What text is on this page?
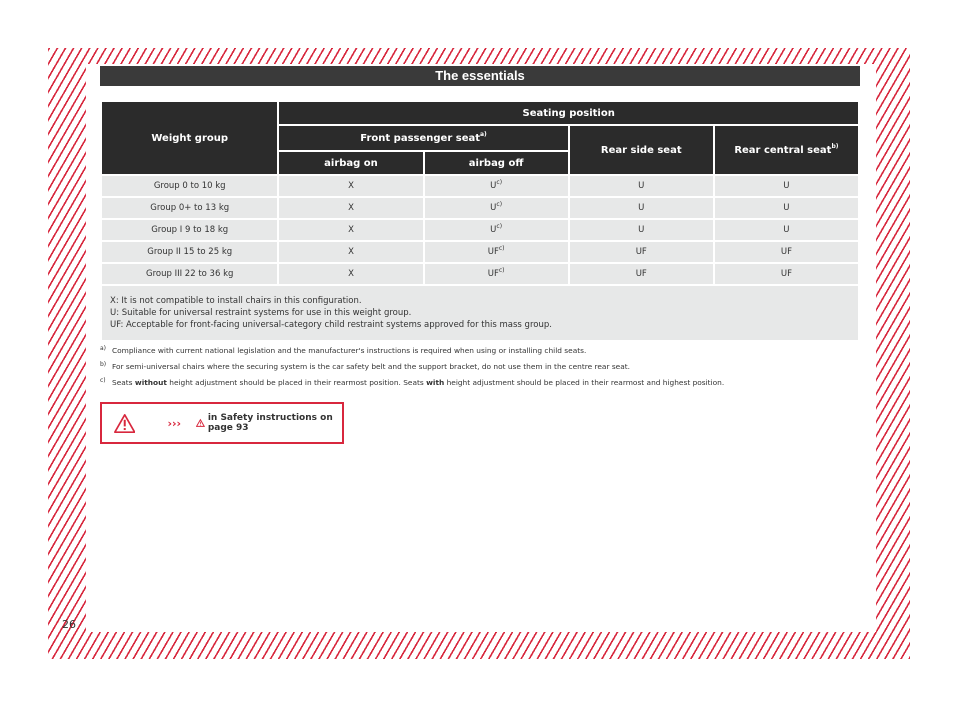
The essentials
Weight group	Seating position			
	Front passenger seat$^{a)}$		Rear side seat	Rear central seat$^{b)}$
	airbag on	airbag off		
Group 0 to 10 kg	X	$U^{c)}$	U	U
Group 0+ to 13 kg	X	$U^{c)}$	U	U
Group I 9 to 18 kg	X	$U^{c)}$	U	U
Group II 15 to 25 kg	X	UF$^{c)}$	UF	UF
Group III 22 to 36 kg	X	UF$^{c)}$	UF	UF

X: It is not compatible to install chairs in this configuration.
U: Suitable for universal restraint systems for use in this weight group.
UF: Acceptable for front-facing universal-category child restraint systems approved for this mass group.				
a) Compliance with current national legislation and the manufacturer's instructions is required when using or installing child seats.
b) For semi-universal chairs where the securing system is the car safety belt and the support bracket, do not use them in the centre rear seat.
c) Seats without height adjustment should be placed in their rearmost position. Seats with height adjustment should be placed in their rearmost and highest position.
›››	in Safety instructions on page 93
26
